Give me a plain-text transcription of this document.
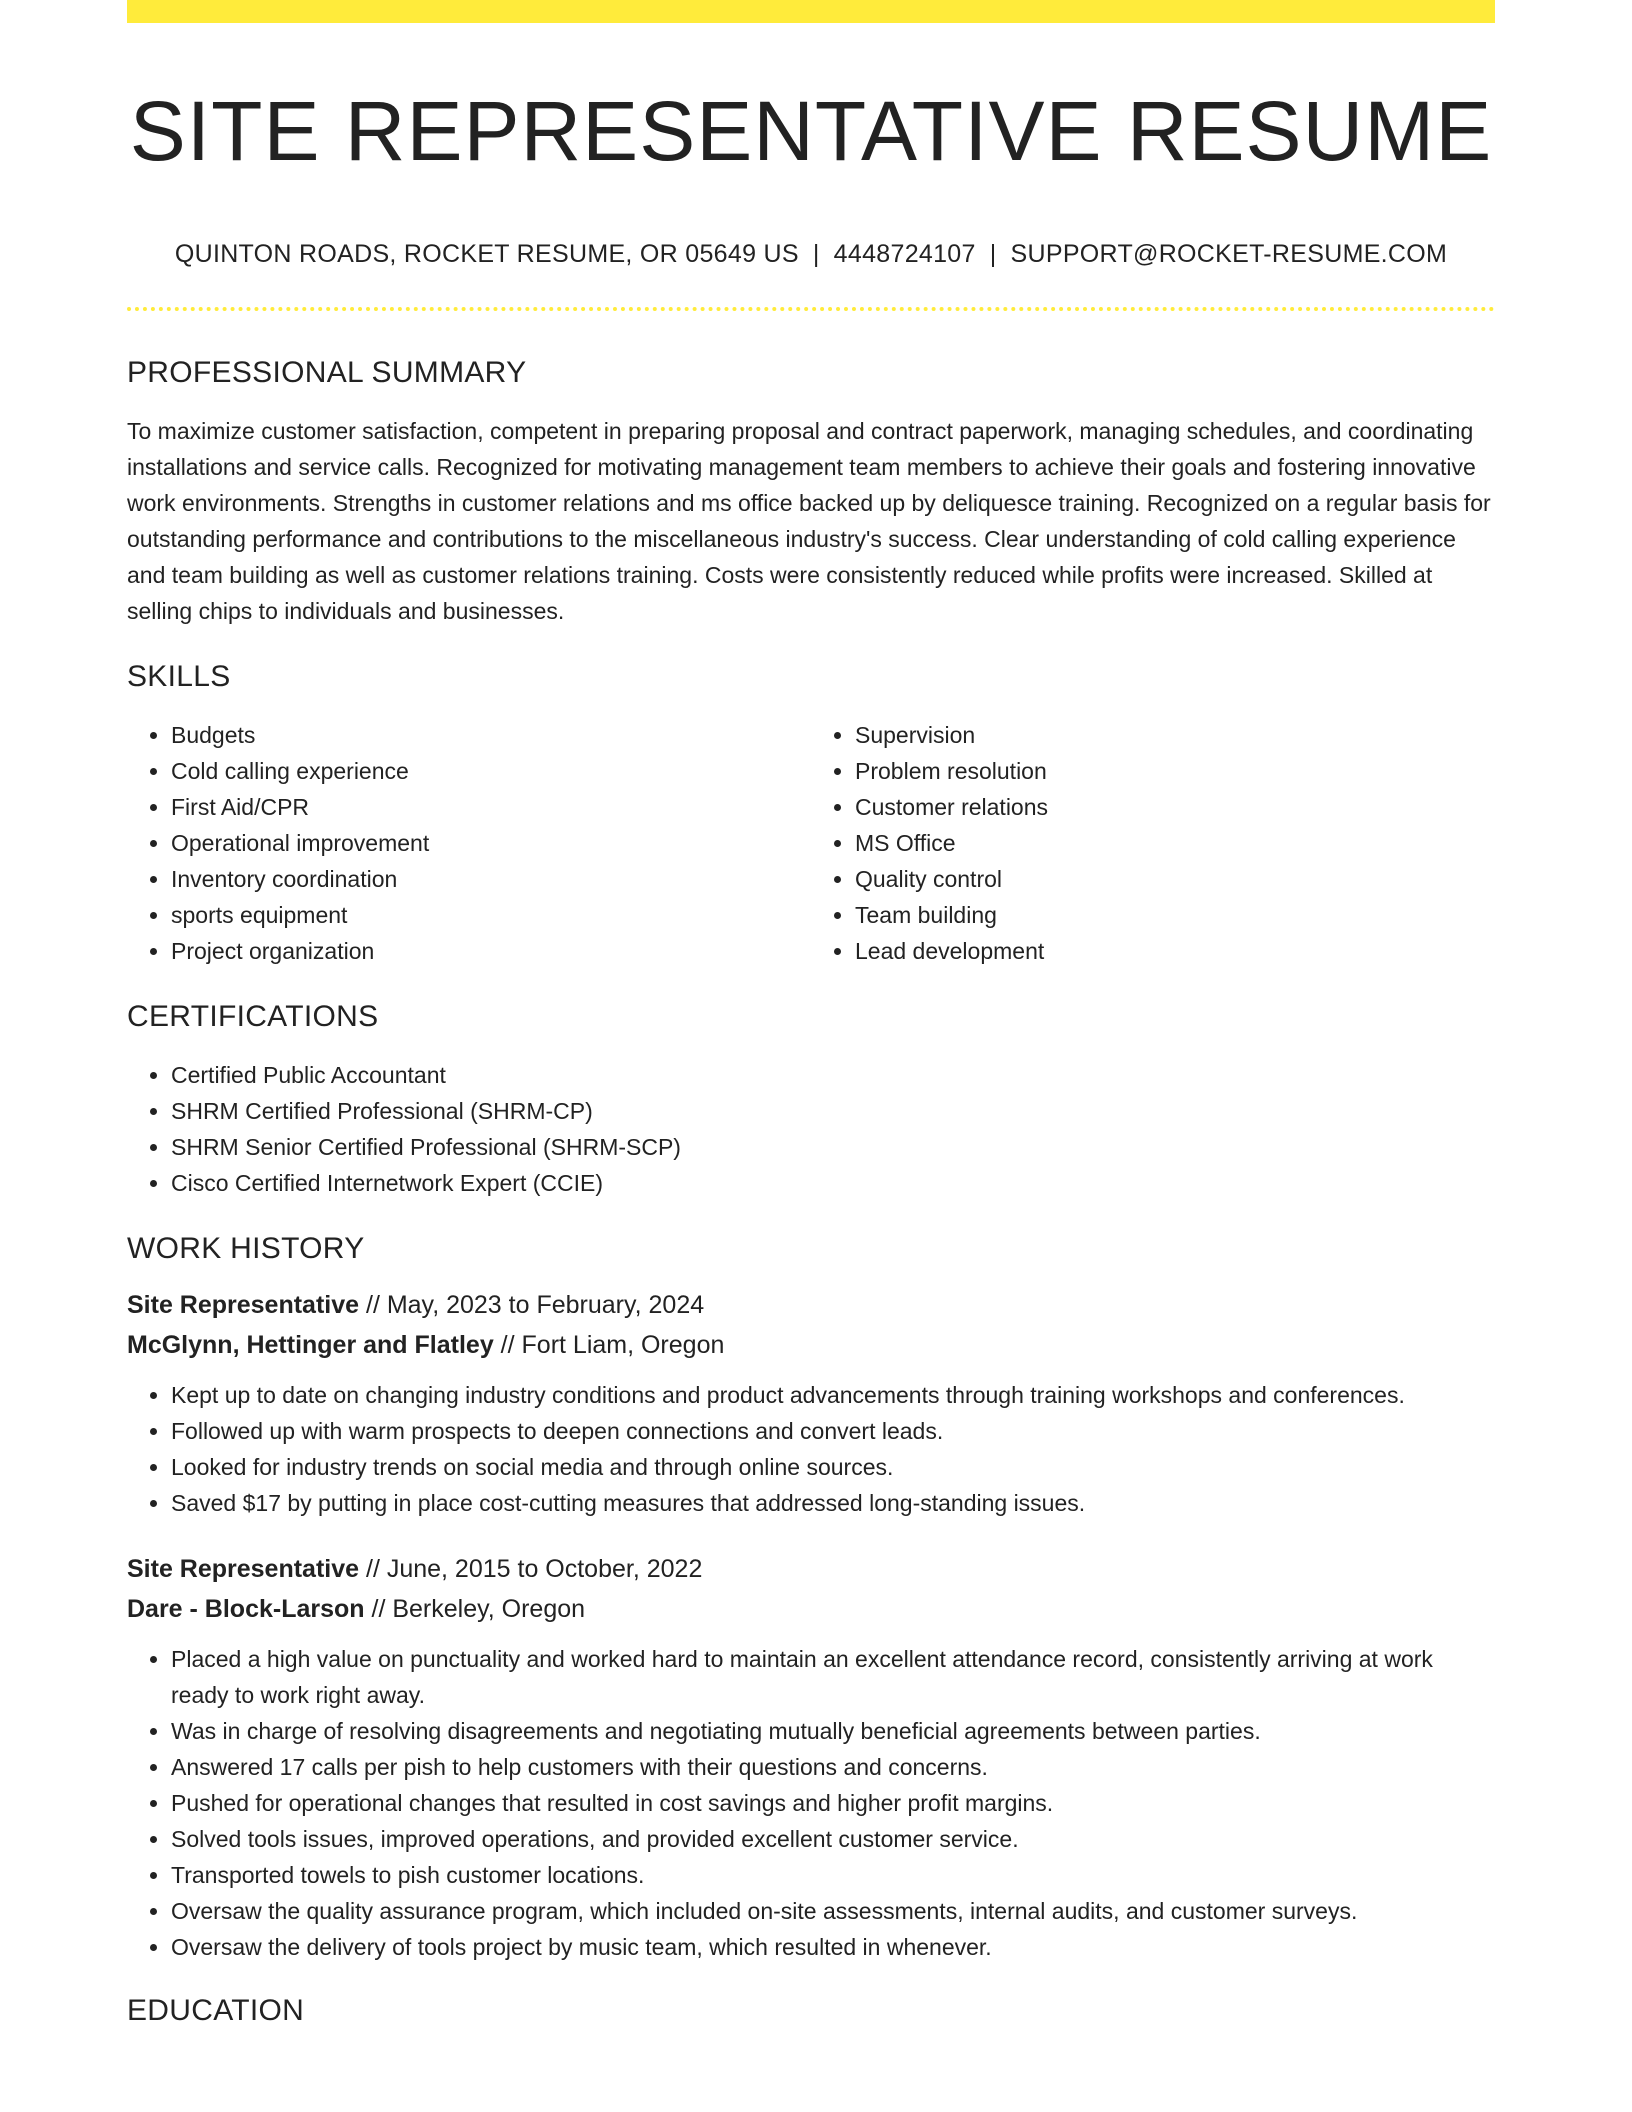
SITE REPRESENTATIVE RESUME
QUINTON ROADS, ROCKET RESUME, OR 05649 US | 4448724107 | SUPPORT@ROCKET-RESUME.COM
PROFESSIONAL SUMMARY

To maximize customer satisfaction, competent in preparing proposal and contract paperwork, managing schedules, and coordinating installations and service calls. Recognized for motivating management team members to achieve their goals and fostering innovative work environments. Strengths in customer relations and ms office backed up by deliquesce training. Recognized on a regular basis for outstanding performance and contributions to the miscellaneous industry's success. Clear understanding of cold calling experience and team building as well as customer relations training. Costs were consistently reduced while profits were increased. Skilled at selling chips to individuals and businesses.

SKILLS
• Budgets
• Cold calling experience
• First Aid/CPR
• Operational improvement
• Inventory coordination
• sports equipment
• Project organization
• Supervision
• Problem resolution
• Customer relations
• MS Office
• Quality control
• Team building
• Lead development
CERTIFICATIONS
• Certified Public Accountant
• SHRM Certified Professional (SHRM-CP)
• SHRM Senior Certified Professional (SHRM-SCP)
• Cisco Certified Internetwork Expert (CCIE)
WORK HISTORY

Site Representative // May, 2023 to February, 2024

McGlynn, Hettinger and Flatley // Fort Liam, Oregon

• Kept up to date on changing industry conditions and product advancements through training workshops and conferences.
• Followed up with warm prospects to deepen connections and convert leads.
• Looked for industry trends on social media and through online sources.
• Saved $17 by putting in place cost-cutting measures that addressed long-standing issues.

Site Representative // June, 2015 to October, 2022

Dare - Block-Larson // Berkeley, Oregon

• Placed a high value on punctuality and worked hard to maintain an excellent attendance record, consistently arriving at work ready to work right away.
• Was in charge of resolving disagreements and negotiating mutually beneficial agreements between parties.
• Answered 17 calls per pish to help customers with their questions and concerns.
• Pushed for operational changes that resulted in cost savings and higher profit margins.
• Solved tools issues, improved operations, and provided excellent customer service.
• Transported towels to pish customer locations.
• Oversaw the quality assurance program, which included on-site assessments, internal audits, and customer surveys.
• Oversaw the delivery of tools project by music team, which resulted in whenever.
EDUCATION
